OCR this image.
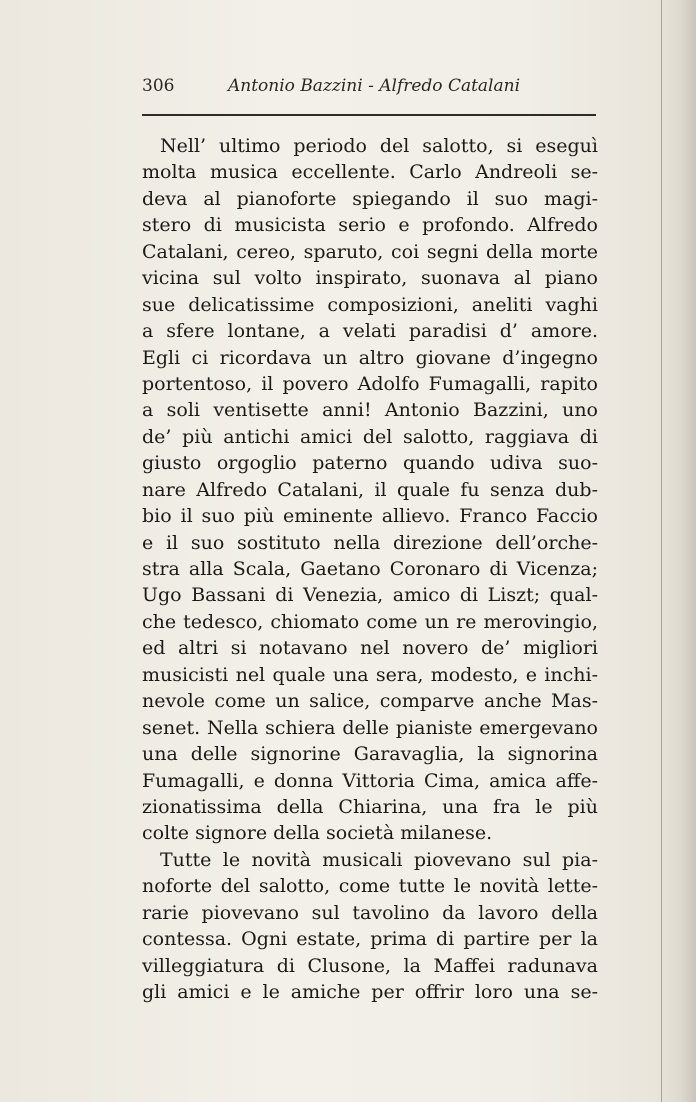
306	Antonio Bazzini - Alfredo Catalani
Nell’ ultimo periodo del salotto, si eseguì
molta musica eccellente. Carlo Andreoli se-
deva al pianoforte spiegando il suo magi-
stero di musicista serio e profondo. Alfredo
Catalani, cereo, sparuto, coi segni della morte
vicina sul volto inspirato, suonava al piano
sue delicatissime composizioni, aneliti vaghi
a sfere lontane, a velati paradisi d’ amore.
Egli ci ricordava un altro giovane d’ingegno
portentoso, il povero Adolfo Fumagalli, rapito
a soli ventisette anni! Antonio Bazzini, uno
de’ più antichi amici del salotto, raggiava di
giusto orgoglio paterno quando udiva suo-
nare Alfredo Catalani, il quale fu senza dub-
bio il suo più eminente allievo. Franco Faccio
e il suo sostituto nella direzione dell’orche-
stra alla Scala, Gaetano Coronaro di Vicenza;
Ugo Bassani di Venezia, amico di Liszt; qual-
che tedesco, chiomato come un re merovingio,
ed altri si notavano nel novero de’ migliori
musicisti nel quale una sera, modesto, e inchi-
nevole come un salice, comparve anche Mas-
senet. Nella schiera delle pianiste emergevano
una delle signorine Garavaglia, la signorina
Fumagalli, e donna Vittoria Cima, amica affe-
zionatissima della Chiarina, una fra le più
colte signore della società milanese.
Tutte le novità musicali piovevano sul pia-
noforte del salotto, come tutte le novità lette-
rarie piovevano sul tavolino da lavoro della
contessa. Ogni estate, prima di partire per la
villeggiatura di Clusone, la Maffei radunava
gli amici e le amiche per offrir loro una se-
